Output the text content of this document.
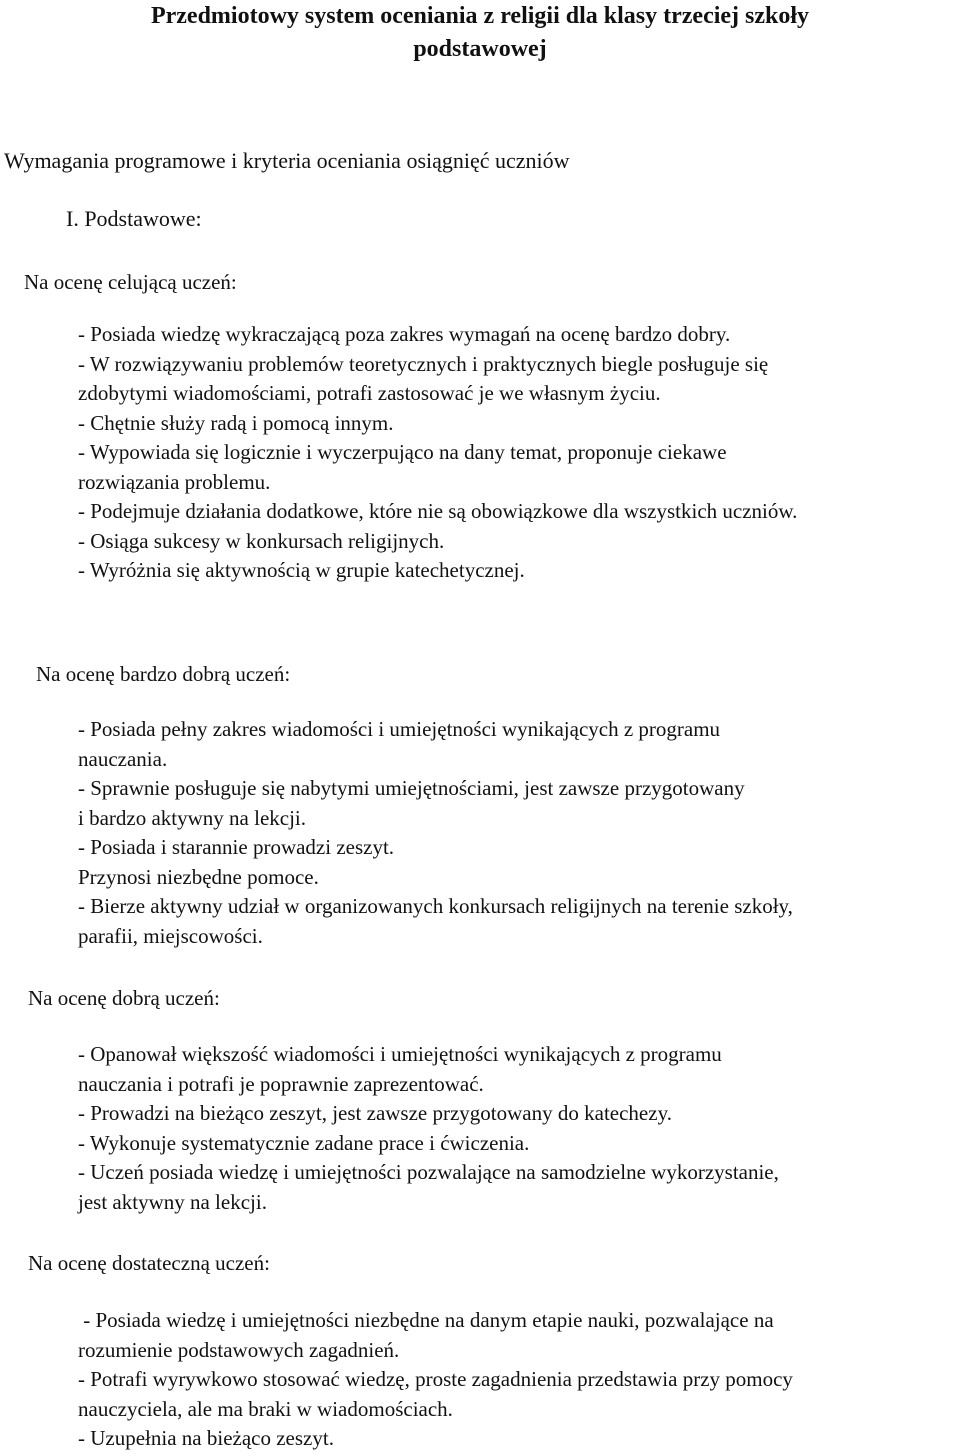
Przedmiotowy system oceniania z religii dla klasy trzeciej szkoły
podstawowej

Wymagania programowe i kryteria oceniania osiągnięć uczniów

I. Podstawowe:

Na ocenę celującą uczeń:

- Posiada wiedzę wykraczającą poza zakres wymagań na ocenę bardzo dobry.
- W rozwiązywaniu problemów teoretycznych i praktycznych biegle posługuje się
zdobytymi wiadomościami, potrafi zastosować je we własnym życiu.
- Chętnie służy radą i pomocą innym.
- Wypowiada się logicznie i wyczerpująco na dany temat, proponuje ciekawe
rozwiązania problemu.
- Podejmuje działania dodatkowe, które nie są obowiązkowe dla wszystkich uczniów.
- Osiąga sukcesy w konkursach religijnych.
- Wyróżnia się aktywnością w grupie katechetycznej.

Na ocenę bardzo dobrą uczeń:

- Posiada pełny zakres wiadomości i umiejętności wynikających z programu
nauczania.
- Sprawnie posługuje się nabytymi umiejętnościami, jest zawsze przygotowany
i bardzo aktywny na lekcji.
- Posiada i starannie prowadzi zeszyt.
Przynosi niezbędne pomoce.
- Bierze aktywny udział w organizowanych konkursach religijnych na terenie szkoły,
parafii, miejscowości.

Na ocenę dobrą uczeń:

- Opanował większość wiadomości i umiejętności wynikających z programu
nauczania i potrafi je poprawnie zaprezentować.
- Prowadzi na bieżąco zeszyt, jest zawsze przygotowany do katechezy.
- Wykonuje systematycznie zadane prace i ćwiczenia.
- Uczeń posiada wiedzę i umiejętności pozwalające na samodzielne wykorzystanie,
jest aktywny na lekcji.

Na ocenę dostateczną uczeń:

- Posiada wiedzę i umiejętności niezbędne na danym etapie nauki, pozwalające na
rozumienie podstawowych zagadnień.
- Potrafi wyrywkowo stosować wiedzę, proste zagadnienia przedstawia przy pomocy
nauczyciela, ale ma braki w wiadomościach.
- Uzupełnia na bieżąco zeszyt.
